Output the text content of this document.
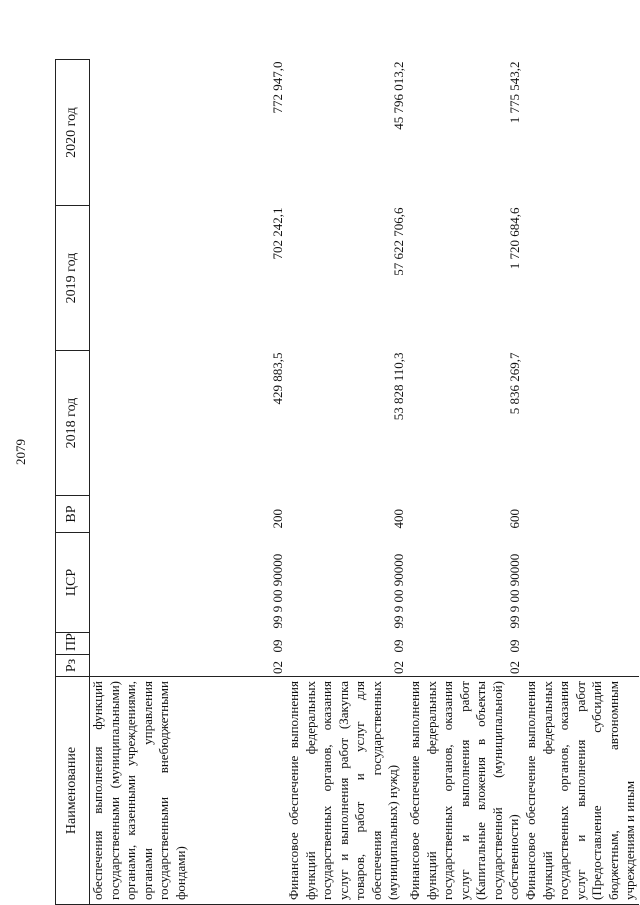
2079
Наименование	Рз	ПР	ЦСР	ВР	2018 год	2019 год	2020 год
обеспечения выполнения функций государственными (муниципальными) органами, казенными учреждениями, органами управления государственными внебюджетными фондами)	02	09	99 9 00 90000	200	429 883,5	702 242,1	772 947,0
Финансовое обеспечение выполнения функций федеральных государственных органов, оказания услуг и выполнения работ (Закупка товаров, работ и услуг для обеспечения государственных (муниципальных) нужд)	02	09	99 9 00 90000	400	53 828 110,3	57 622 706,6	45 796 013,2
Финансовое обеспечение выполнения функций федеральных государственных органов, оказания услуг и выполнения работ (Капитальные вложения в объекты государственной (муниципальной) собственности)	02	09	99 9 00 90000	600	5 836 269,7	1 720 684,6	1 775 543,2
Финансовое обеспечение выполнения функций федеральных государственных органов, оказания услуг и выполнения работ (Предоставление субсидий бюджетным, автономным учреждениям и иным							
